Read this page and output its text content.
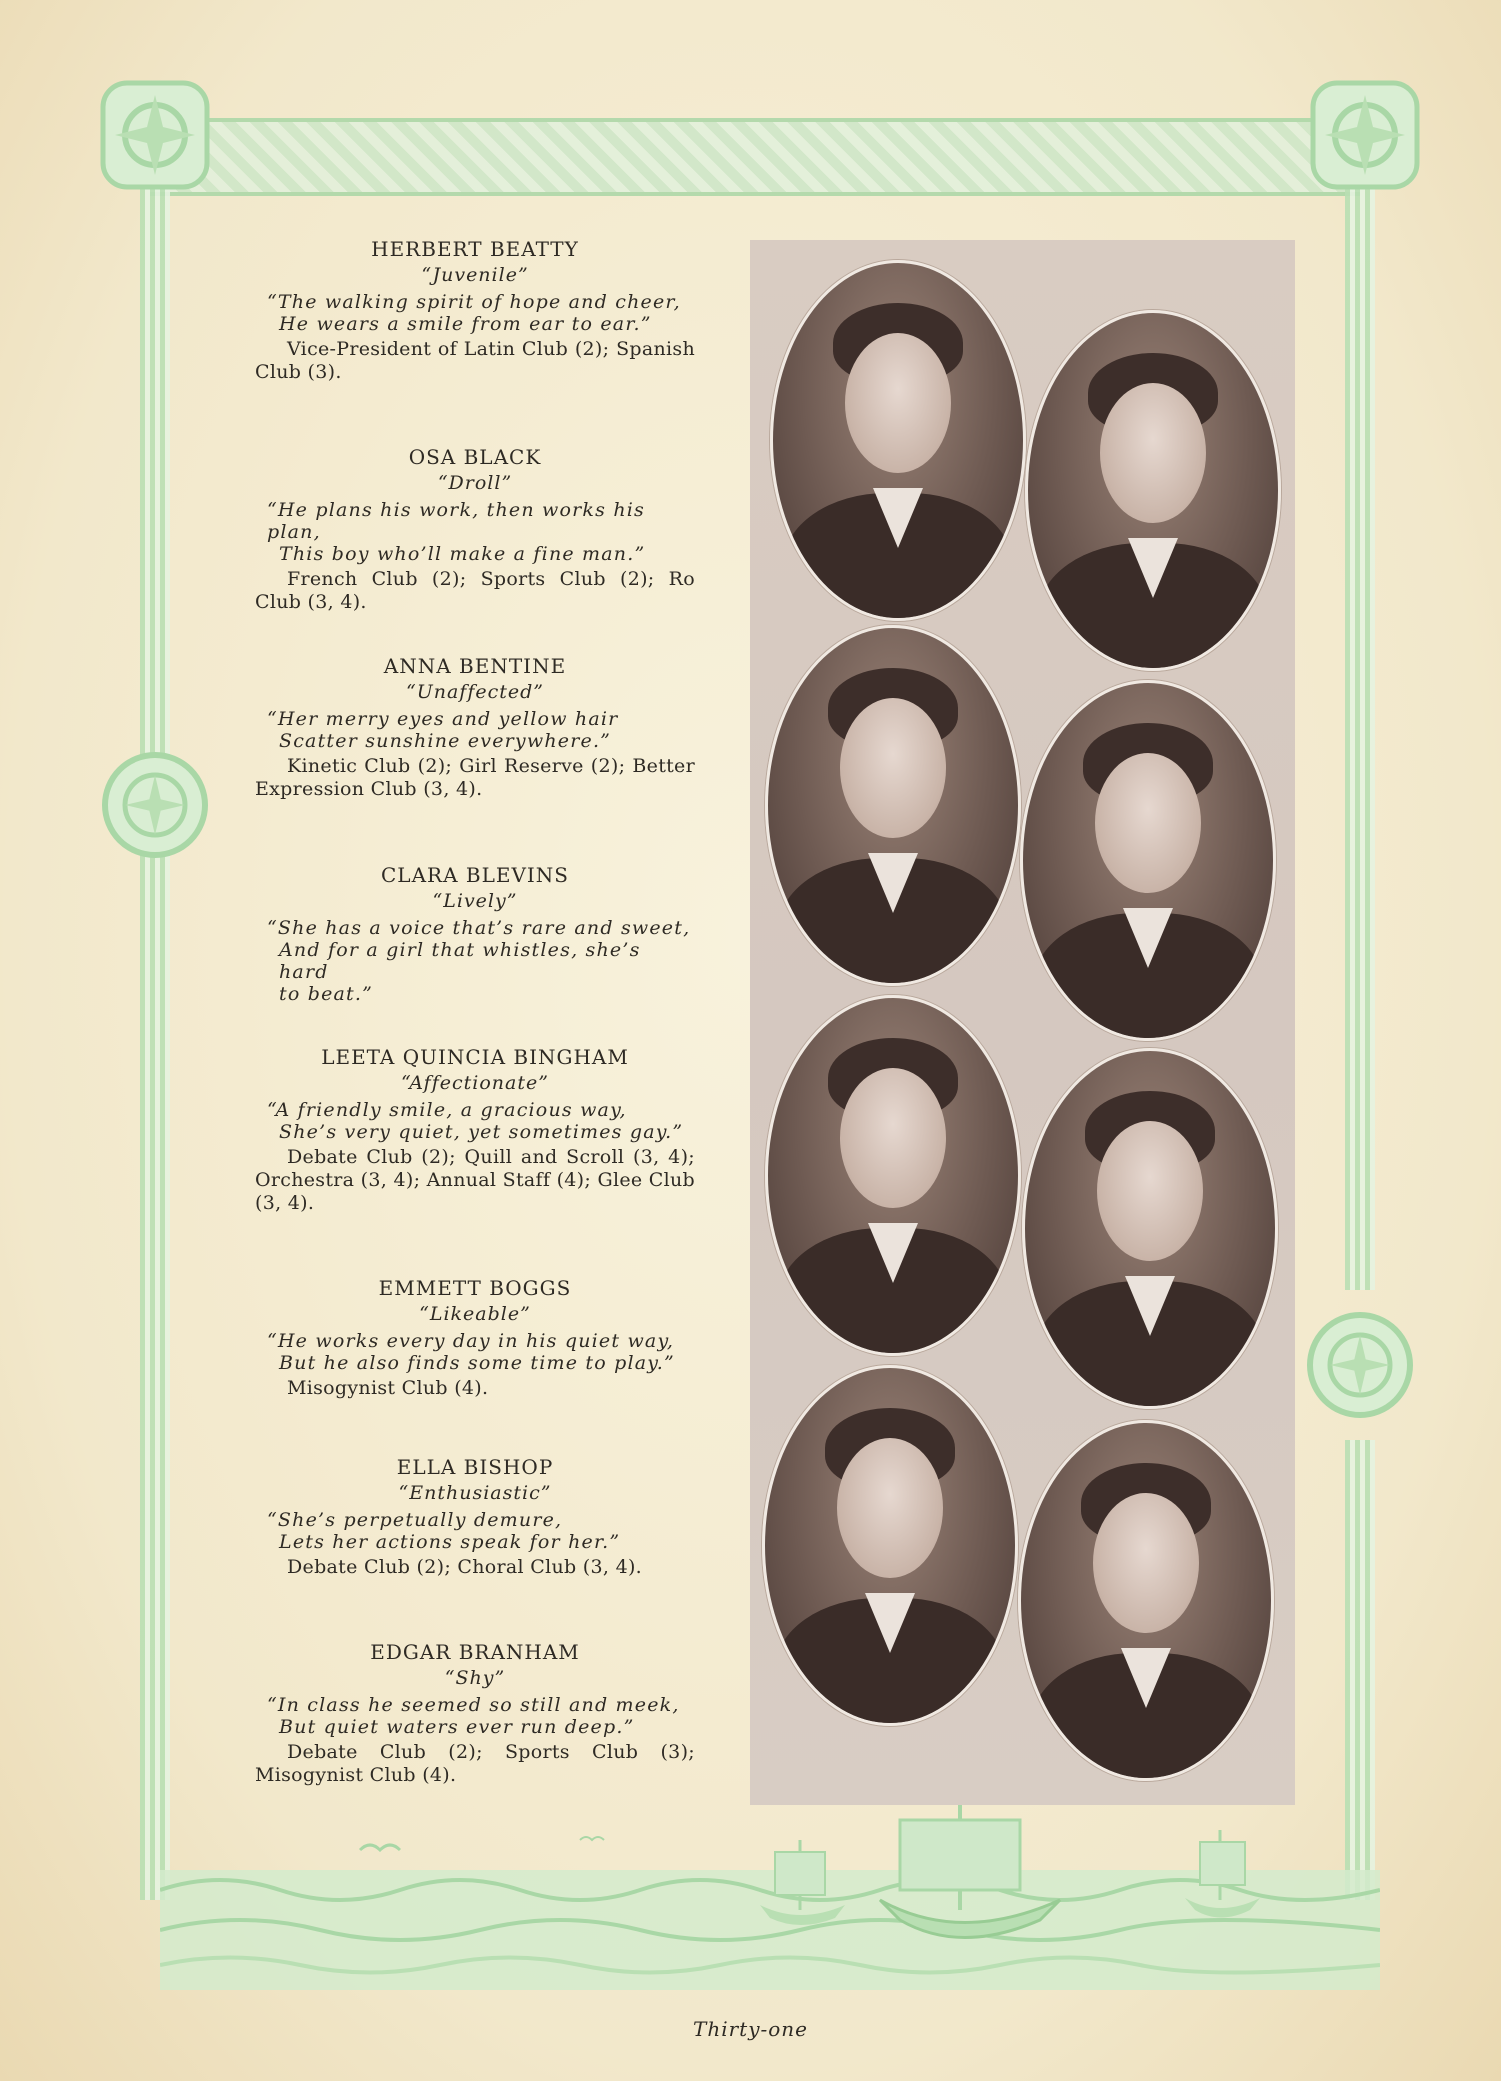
HERBERT BEATTY
“Juvenile”
“The walking spirit of hope and cheer,
He wears a smile from ear to ear.”
Vice-President of Latin Club (2); Spanish Club (3).
OSA BLACK
“Droll”
“He plans his work, then works his plan,
This boy who’ll make a fine man.”
French Club (2); Sports Club (2); Ro Club (3, 4).
ANNA BENTINE
“Unaffected”
“Her merry eyes and yellow hair
Scatter sunshine everywhere.”
Kinetic Club (2); Girl Reserve (2); Better Expression Club (3, 4).
CLARA BLEVINS
“Lively”
“She has a voice that’s rare and sweet,
And for a girl that whistles, she’s hard
to beat.”
LEETA QUINCIA BINGHAM
“Affectionate”
“A friendly smile, a gracious way,
She’s very quiet, yet sometimes gay.”
Debate Club (2); Quill and Scroll (3, 4); Orchestra (3, 4); Annual Staff (4); Glee Club (3, 4).
EMMETT BOGGS
“Likeable”
“He works every day in his quiet way,
But he also finds some time to play.”
Misogynist Club (4).
ELLA BISHOP
“Enthusiastic”
“She’s perpetually demure,
Lets her actions speak for her.”
Debate Club (2); Choral Club (3, 4).
EDGAR BRANHAM
“Shy”
“In class he seemed so still and meek,
But quiet waters ever run deep.”
Debate Club (2); Sports Club (3); Misogynist Club (4).
Thirty-one
